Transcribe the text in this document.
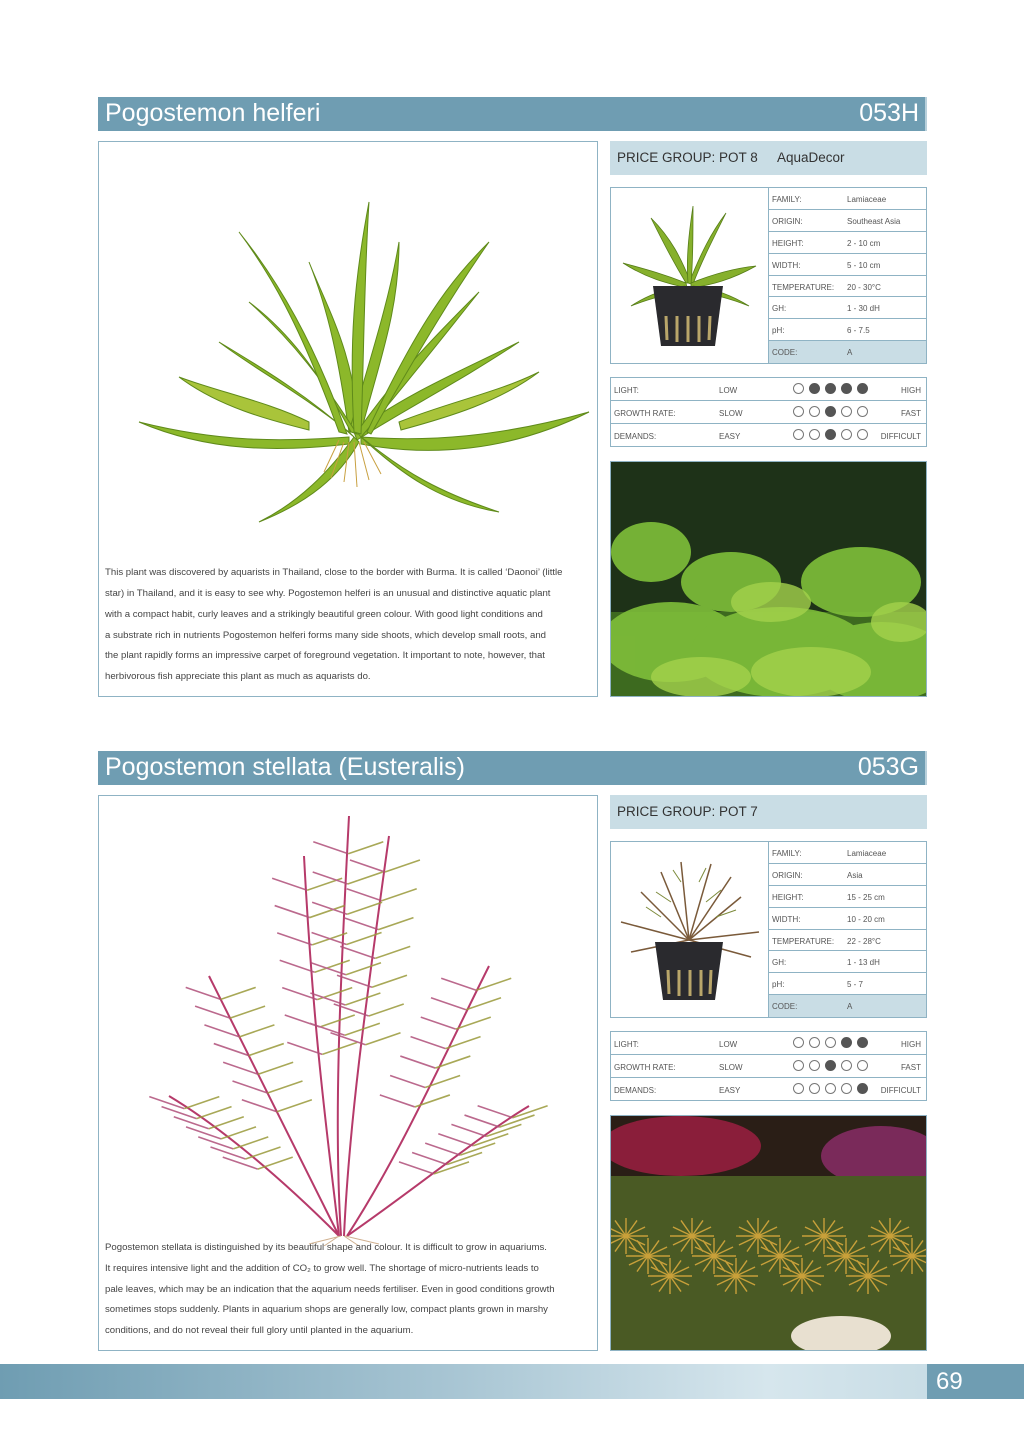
Pogostemon helferi	053H

This plant was discovered by aquarists in Thailand, close to the border with Burma. It is called ‘Daonoi’ (little

star) in Thailand, and it is easy to see why. Pogostemon helferi is an unusual and distinctive aquatic plant

with a compact habit, curly leaves and a strikingly beautiful green colour. With good light conditions and

a substrate rich in nutrients Pogostemon helferi forms many side shoots, which develop small roots, and

the plant rapidly forms an impressive carpet of foreground vegetation. It important to note, however, that

herbivorous fish appreciate this plant as much as aquarists do.

PRICE GROUP: POT 8 AquaDecor
FAMILY:	Lamiaceae
ORIGIN:	Southeast Asia
HEIGHT:	2 - 10 cm
WIDTH:	5 - 10 cm
TEMPERATURE: 20 - 30°C
GH:	1 - 30 dH
pH:	6 - 7.5
CODE:	A
LIGHT:	LOW	HIGH
GROWTH RATE:	SLOW	FAST
DEMANDS:	EASY	DIFFICULT
Pogostemon stellata (Eusteralis)	053G

Pogostemon stellata is distinguished by its beautiful shape and colour. It is difficult to grow in aquariums.

It requires intensive light and the addition of CO₂ to grow well. The shortage of micro-nutrients leads to

pale leaves, which may be an indication that the aquarium needs fertiliser. Even in good conditions growth

sometimes stops suddenly. Plants in aquarium shops are generally low, compact plants grown in marshy

conditions, and do not reveal their full glory until planted in the aquarium.

PRICE GROUP: POT 7
FAMILY:	Lamiaceae
ORIGIN:	Asia
HEIGHT:	15 - 25 cm
WIDTH:	10 - 20 cm
TEMPERATURE: 22 - 28°C
GH:	1 - 13 dH
pH:	5 - 7
CODE:	A
LIGHT:	LOW	HIGH
GROWTH RATE:	SLOW	FAST
DEMANDS:	EASY	DIFFICULT
69
